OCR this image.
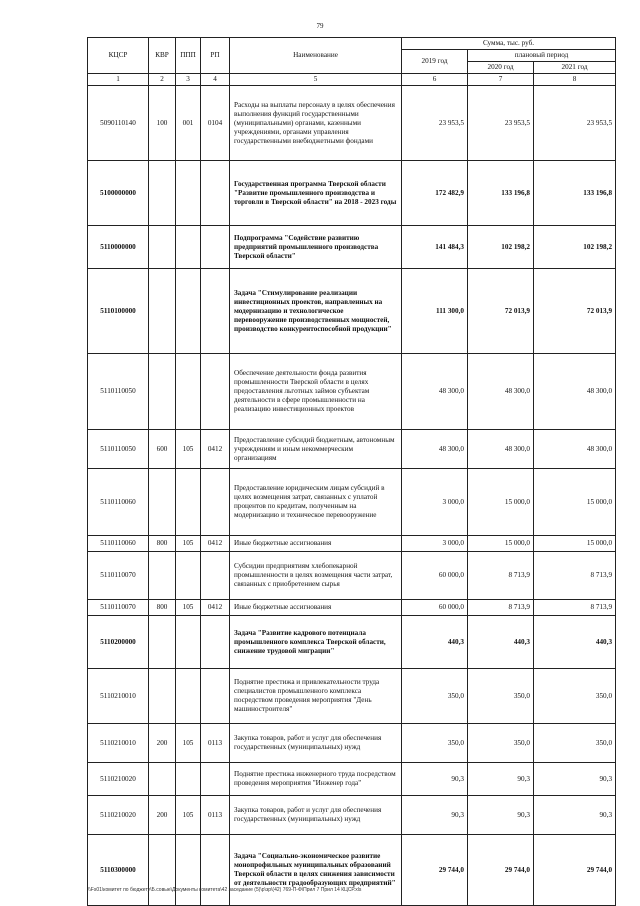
79
КЦСР	КВР	ППП	РП	Наименование	Сумма, тыс. руб.		
					2019 год	плановый период	
						2020 год	2021 год
1	2	3	4	5	6	7	8
5090110140	100	001	0104	Расходы на выплаты персоналу в целях обеспечения выполнения функций государственными (муниципальными) органами, казенными учреждениями, органами управления государственными внебюджетными фондами	23 953,5	23 953,5	23 953,5
5100000000				Государственная программа Тверской области "Развитие промышленного производства и торговли в Тверской области" на 2018 - 2023 годы	172 482,9	133 196,8	133 196,8
5110000000				Подпрограмма "Содействие развитию предприятий промышленного производства Тверской области"	141 484,3	102 198,2	102 198,2
5110100000				Задача "Стимулирование реализации инвестиционных проектов, направленных на модернизацию и технологическое перевооружение производственных мощностей, производство конкурентоспособной продукции"	111 300,0	72 013,9	72 013,9
5110110050				Обеспечение деятельности фонда развития промышленности Тверской области в целях предоставления льготных займов субъектам деятельности в сфере промышленности на реализацию инвестиционных проектов	48 300,0	48 300,0	48 300,0
5110110050	600	105	0412	Предоставление субсидий бюджетным, автономным учреждениям и иным некоммерческим организациям	48 300,0	48 300,0	48 300,0
5110110060				Предоставление юридическим лицам субсидий в целях возмещения затрат, связанных с уплатой процентов по кредитам, полученным на модернизацию и техническое перевооружение	3 000,0	15 000,0	15 000,0
5110110060	800	105	0412	Иные бюджетные ассигнования	3 000,0	15 000,0	15 000,0
5110110070				Субсидии предприятиям хлебопекарной промышленности в целях возмещения части затрат, связанных с приобретением сырья	60 000,0	8 713,9	8 713,9
5110110070	800	105	0412	Иные бюджетные ассигнования	60 000,0	8 713,9	8 713,9
5110200000				Задача "Развитие кадрового потенциала промышленного комплекса Тверской области, снижение трудовой миграции"	440,3	440,3	440,3
5110210010				Поднятие престижа и привлекательности труда специалистов промышленного комплекса посредством проведения мероприятия "День машиностроителя"	350,0	350,0	350,0
5110210010	200	105	0113	Закупка товаров, работ и услуг для обеспечения государственных (муниципальных) нужд	350,0	350,0	350,0
5110210020				Поднятие престижа инженерного труда посредством проведения мероприятия "Инженер года"	90,3	90,3	90,3
5110210020	200	105	0113	Закупка товаров, работ и услуг для обеспечения государственных (муниципальных) нужд	90,3	90,3	90,3
5110300000				Задача "Социально-экономическое развитие монопрофильных муниципальных образований Тверской области в целях снижения зависимости от деятельности градообразующих предприятий"	29 744,0	29 744,0	29 744,0
\\Fs01\комитет по бюджету\Б.совые\Документы комитета\42 заседание (5)\р\зр\(42) 769-П-Ф\Прил 7 Прил 14 КЦСР.xls
